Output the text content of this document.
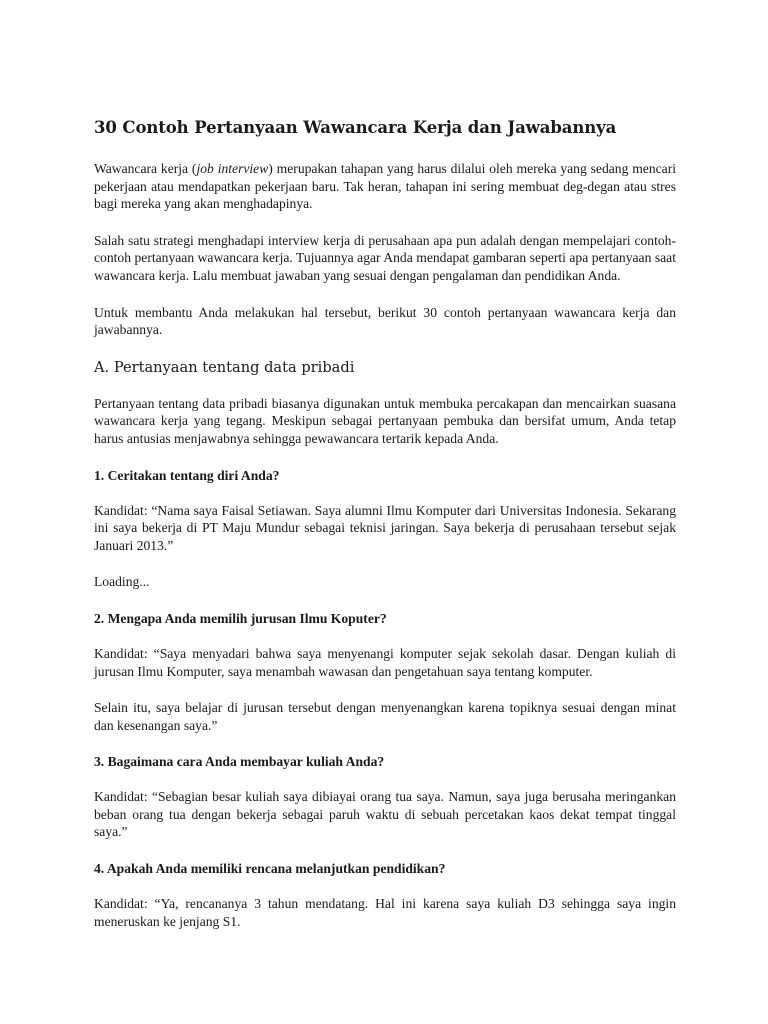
30 Contoh Pertanyaan Wawancara Kerja dan Jawabannya

Wawancara kerja (job interview) merupakan tahapan yang harus dilalui oleh mereka yang sedang mencari pekerjaan atau mendapatkan pekerjaan baru. Tak heran, tahapan ini sering membuat deg-degan atau stres bagi mereka yang akan menghadapinya.

Salah satu strategi menghadapi interview kerja di perusahaan apa pun adalah dengan mempelajari contoh-contoh pertanyaan wawancara kerja. Tujuannya agar Anda mendapat gambaran seperti apa pertanyaan saat wawancara kerja. Lalu membuat jawaban yang sesuai dengan pengalaman dan pendidikan Anda.

Untuk membantu Anda melakukan hal tersebut, berikut 30 contoh pertanyaan wawancara kerja dan jawabannya.

A. Pertanyaan tentang data pribadi

Pertanyaan tentang data pribadi biasanya digunakan untuk membuka percakapan dan mencairkan suasana wawancara kerja yang tegang. Meskipun sebagai pertanyaan pembuka dan bersifat umum, Anda tetap harus antusias menjawabnya sehingga pewawancara tertarik kepada Anda.

1. Ceritakan tentang diri Anda?

Kandidat: “Nama saya Faisal Setiawan. Saya alumni Ilmu Komputer dari Universitas Indonesia. Sekarang ini saya bekerja di PT Maju Mundur sebagai teknisi jaringan. Saya bekerja di perusahaan tersebut sejak Januari 2013.”

Loading...

2. Mengapa Anda memilih jurusan Ilmu Koputer?

Kandidat: “Saya menyadari bahwa saya menyenangi komputer sejak sekolah dasar. Dengan kuliah di jurusan Ilmu Komputer, saya menambah wawasan dan pengetahuan saya tentang komputer.

Selain itu, saya belajar di jurusan tersebut dengan menyenangkan karena topiknya sesuai dengan minat dan kesenangan saya.”

3. Bagaimana cara Anda membayar kuliah Anda?

Kandidat: “Sebagian besar kuliah saya dibiayai orang tua saya. Namun, saya juga berusaha meringankan beban orang tua dengan bekerja sebagai paruh waktu di sebuah percetakan kaos dekat tempat tinggal saya.”

4. Apakah Anda memiliki rencana melanjutkan pendidikan?

Kandidat: “Ya, rencananya 3 tahun mendatang. Hal ini karena saya kuliah D3 sehingga saya ingin meneruskan ke jenjang S1.
